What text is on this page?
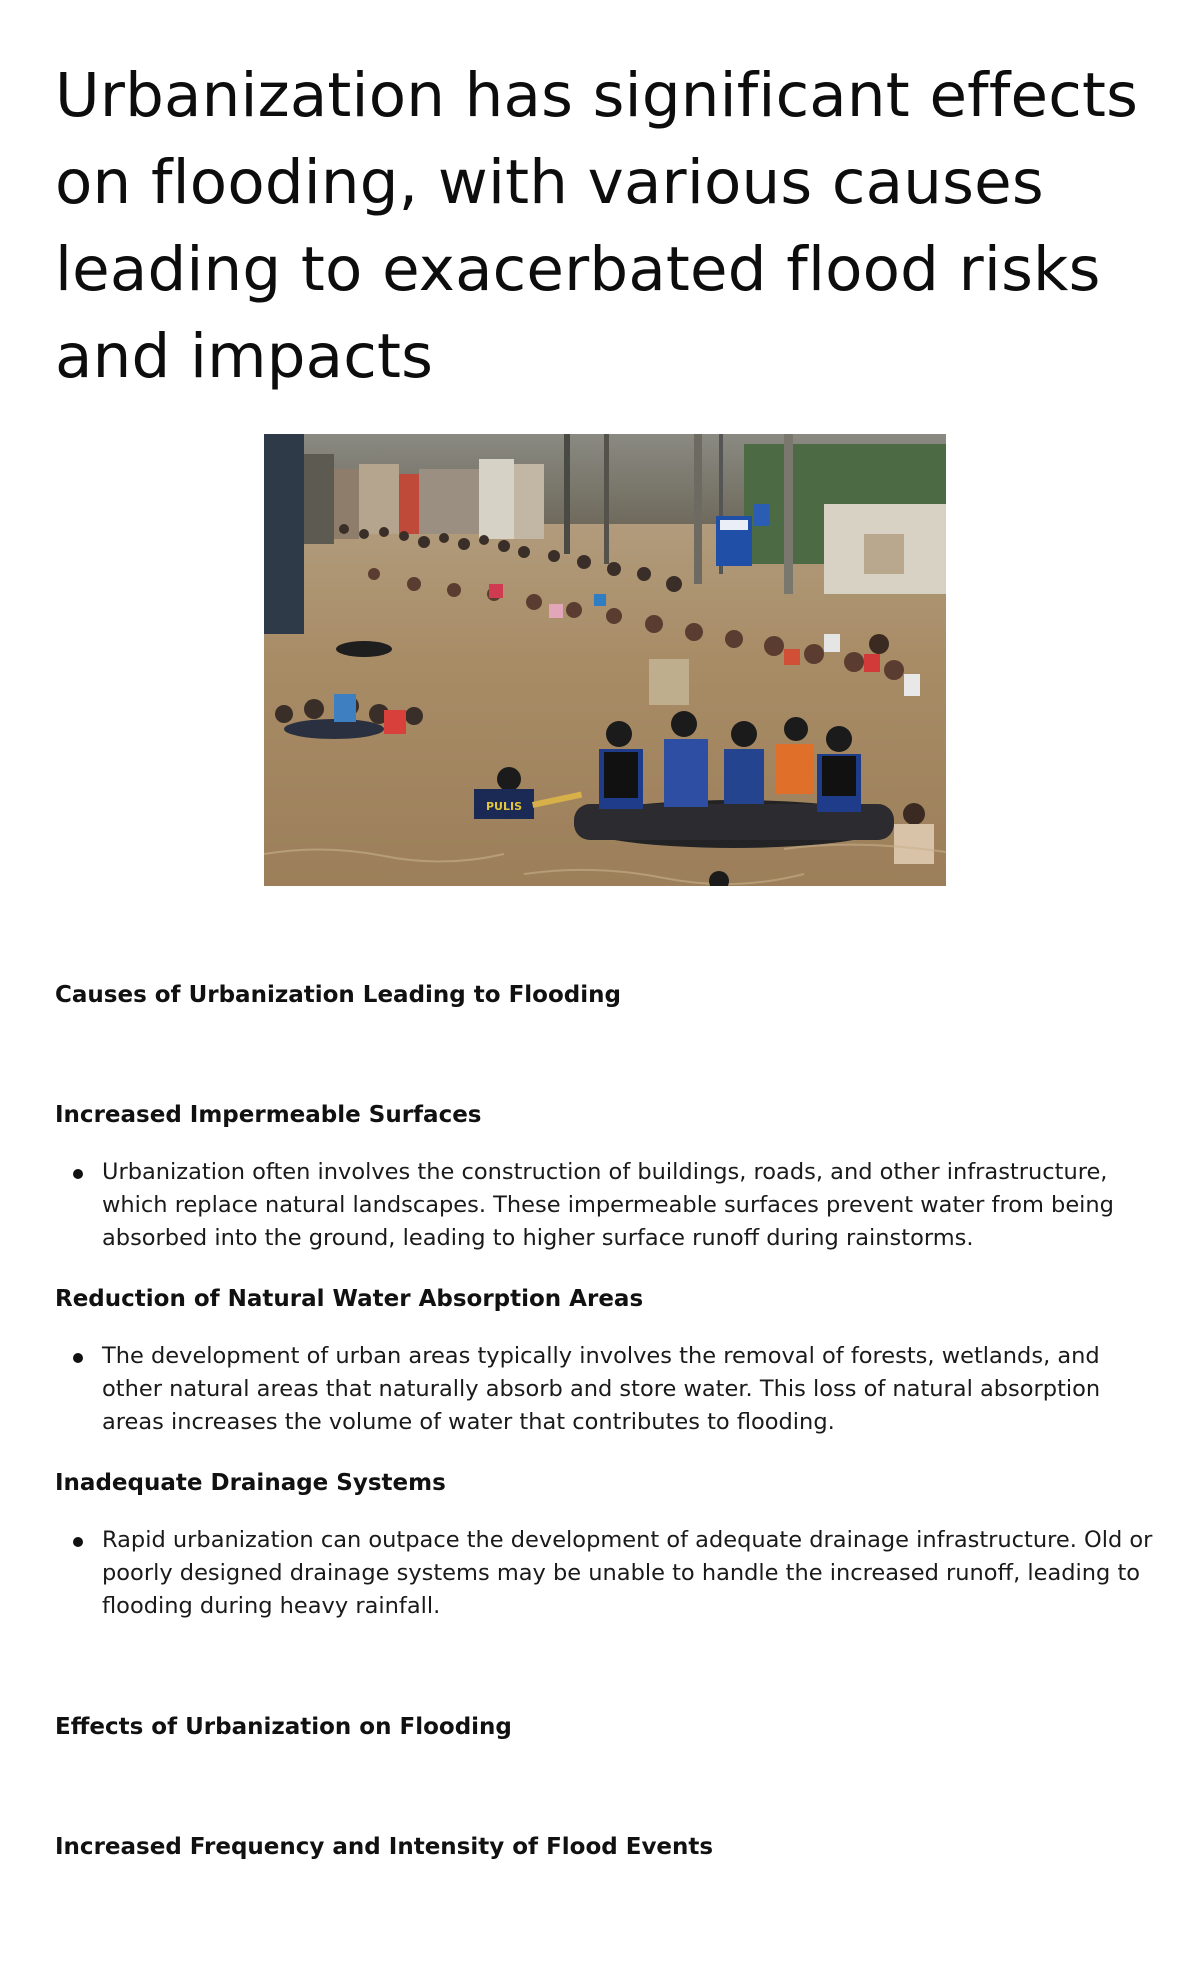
Urbanization has significant effects on flooding, with various causes leading to exacerbated flood risks and impacts
PULIS
Causes of Urbanization Leading to Flooding
Increased Impermeable Surfaces
Urbanization often involves the construction of buildings, roads, and other infrastructure, which replace natural landscapes. These impermeable surfaces prevent water from being absorbed into the ground, leading to higher surface runoff during rainstorms.
Reduction of Natural Water Absorption Areas
The development of urban areas typically involves the removal of forests, wetlands, and other natural areas that naturally absorb and store water. This loss of natural absorption areas increases the volume of water that contributes to flooding.
Inadequate Drainage Systems
Rapid urbanization can outpace the development of adequate drainage infrastructure. Old or poorly designed drainage systems may be unable to handle the increased runoff, leading to flooding during heavy rainfall.
Effects of Urbanization on Flooding
Increased Frequency and Intensity of Flood Events
